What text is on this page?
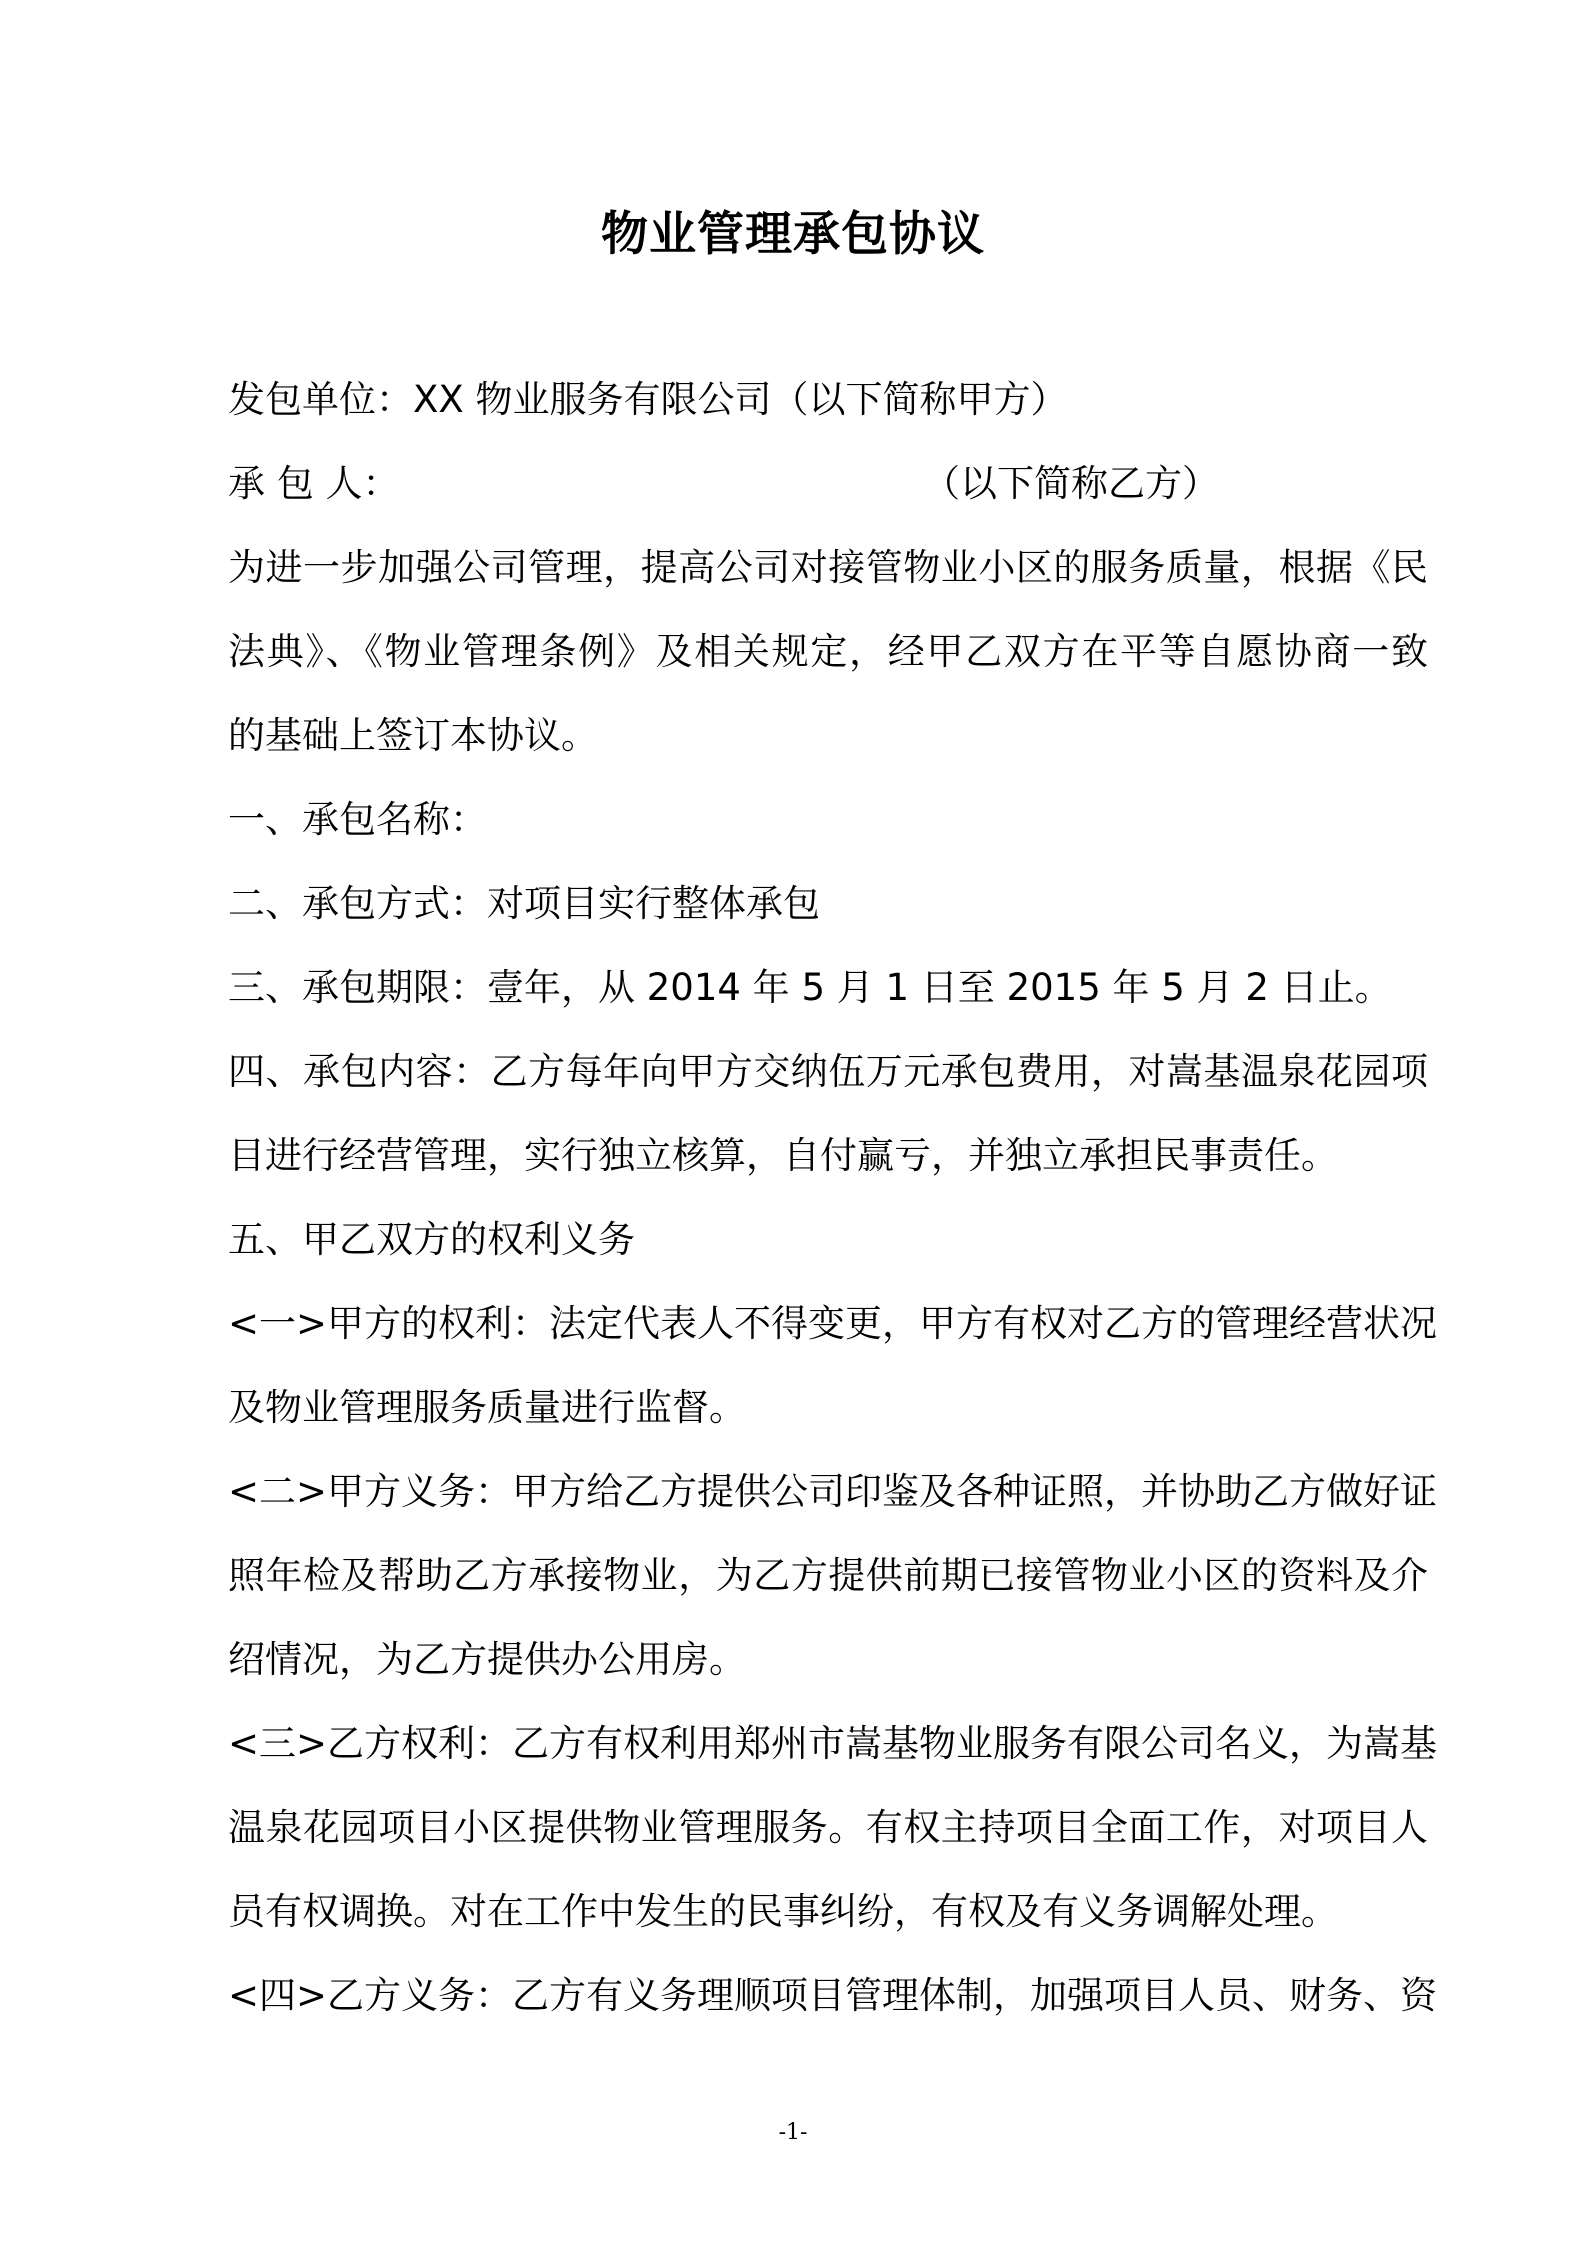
物业管理承包协议
发包单位：XX 物业服务有限公司（以下简称甲方）
承 包 人：	（以下简称乙方）

为进一步加强公司管理，提高公司对接管物业小区的服务质量，根据《民
法典》、《物业管理条例》及相关规定，经甲乙双方在平等自愿协商一致
的基础上签订本协议。

一、承包名称：
二、承包方式：对项目实行整体承包
三、承包期限：壹年，从 2014 年 5 月 1 日至 2015 年 5 月 2 日止。

四、承包内容：乙方每年向甲方交纳伍万元承包费用，对嵩基温泉花园项
目进行经营管理，实行独立核算，自付赢亏，并独立承担民事责任。

五、甲乙双方的权利义务

<一>甲方的权利：法定代表人不得变更，甲方有权对乙方的管理经营状况
及物业管理服务质量进行监督。

<二>甲方义务：甲方给乙方提供公司印鉴及各种证照，并协助乙方做好证
照年检及帮助乙方承接物业，为乙方提供前期已接管物业小区的资料及介
绍情况，为乙方提供办公用房。

<三>乙方权利：乙方有权利用郑州市嵩基物业服务有限公司名义，为嵩基
温泉花园项目小区提供物业管理服务。有权主持项目全面工作，对项目人
员有权调换。对在工作中发生的民事纠纷，有权及有义务调解处理。

<四>乙方义务：乙方有义务理顺项目管理体制，加强项目人员、财务、资

-1-
